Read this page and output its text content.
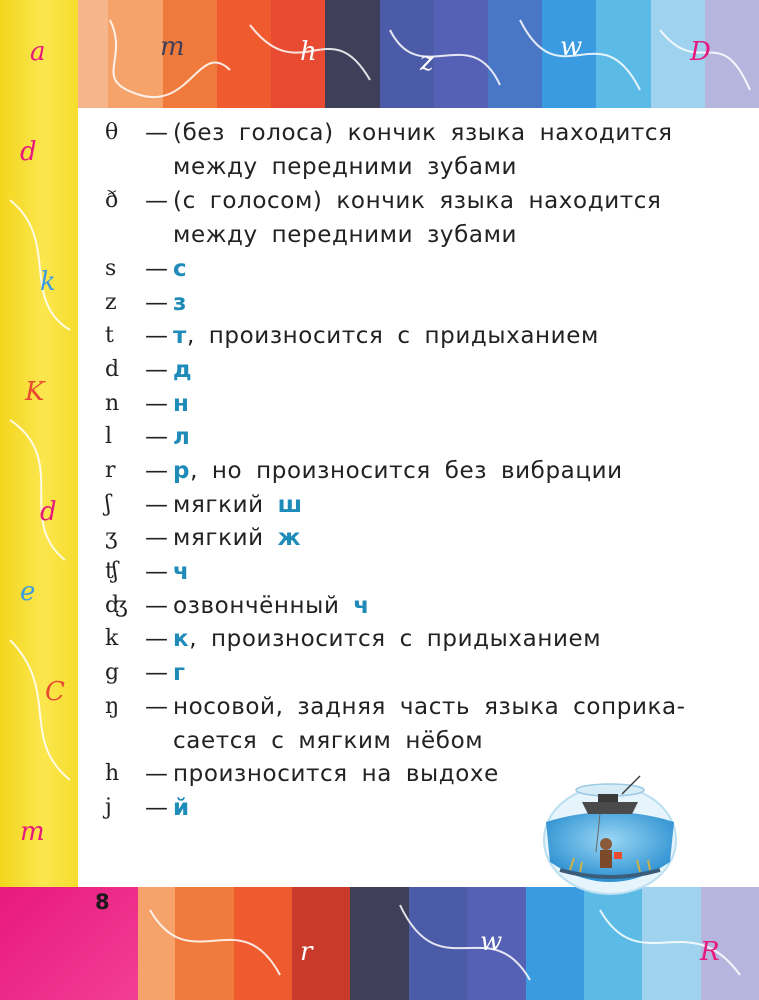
a	m	h	z	w	D
d
k
K
d
e
C
m
r	w	R
8
θ	— (без голоса) кончик языка находится
между передними зубами
ð	— (с голосом) кончик языка находится
между передними зубами
s	— с
z	— з
t	— т, произносится с придыханием
d	— д
n	— н
l	— л
r	— р, но произносится без вибрации
ʃ	— мягкий ш
ʒ	— мягкий ж
ʧ	— ч
ʤ — озвончённый ч
k	— к, произносится с придыханием
g	— г
ŋ	— носовой, задняя часть языка соприка-
сается с мягким нёбом
h	— произносится на выдохе
j	— й
